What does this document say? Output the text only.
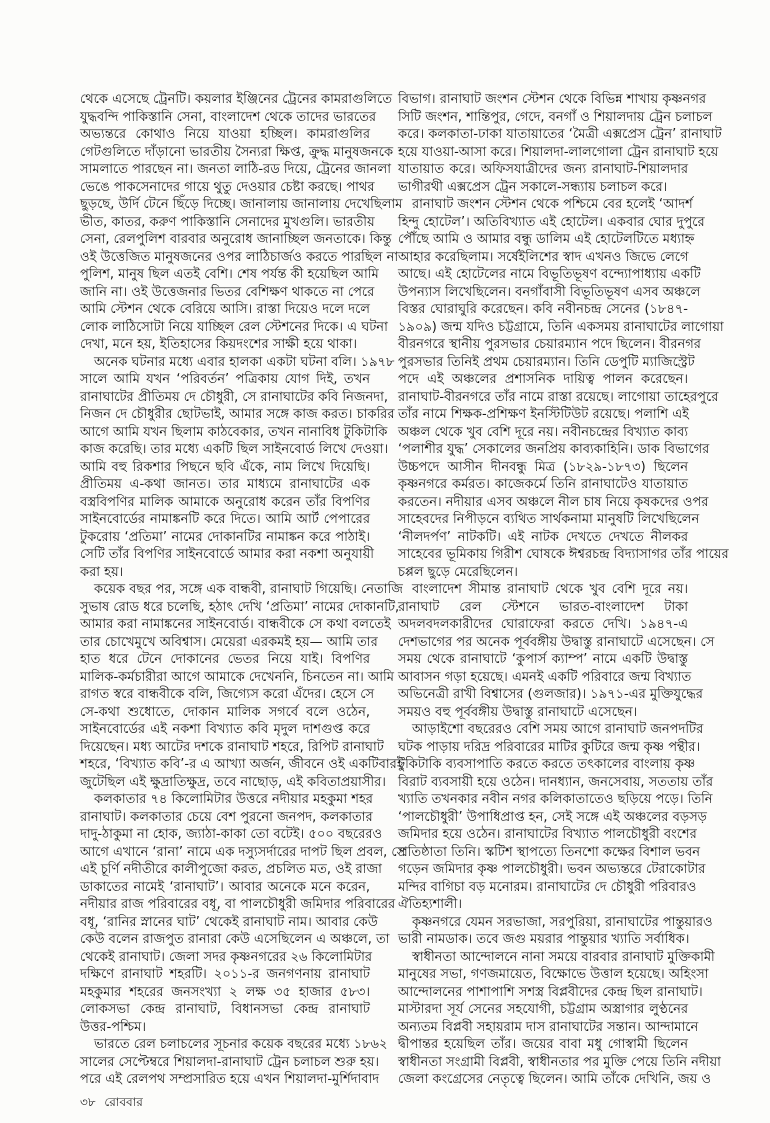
থেকে এসেছে ট্রেনটি। কয়লার ইঞ্জিনের ট্রেনের কামরাগুলিতে
যুদ্ধবন্দি পাকিস্তানি সেনা, বাংলাদেশ থেকে তাদের ভারতের
অভ্যন্তরে কোথাও নিয়ে যাওয়া হচ্ছিল। কামরাগুলির
গেটগুলিতে দাঁড়ানো ভারতীয় সৈন্যরা ক্ষিপ্ত, ক্রুদ্ধ মানুষজনকে
সামলাতে পারছেন না। জনতা লাঠি-রড দিয়ে, ট্রেনের জানলা
ভেঙে পাকসেনাদের গায়ে থুতু দেওয়ার চেষ্টা করছে। পাথর
ছুড়ছে, উর্দি টেনে ছিঁড়ে দিচ্ছে। জানালায় জানালায় দেখেছিলাম
ভীত, কাতর, করুণ পাকিস্তানি সেনাদের মুখগুলি। ভারতীয়
সেনা, রেলপুলিশ বারবার অনুরোধ জানাচ্ছিল জনতাকে। কিন্তু
ওই উত্তেজিত মানুষজনের ওপর লাঠিচার্জও করতে পারছিল না
পুলিশ, মানুষ ছিল এতই বেশি। শেষ পর্যন্ত কী হয়েছিল আমি
জানি না। ওই উত্তেজনার ভিতর বেশিক্ষণ থাকতে না পেরে
আমি স্টেশন থেকে বেরিয়ে আসি। রাস্তা দিয়েও দলে দলে
লোক লাঠিসোটা নিয়ে যাচ্ছিল রেল স্টেশনের দিকে। এ ঘটনা
দেখা, মনে হয়, ইতিহাসের কিয়দংশের সাক্ষী হয়ে থাকা।
অনেক ঘটনার মধ্যে এবার হালকা একটা ঘটনা বলি। ১৯৭৮
সালে আমি যখন ‘পরিবর্তন’ পত্রিকায় যোগ দিই, তখন
রানাঘাটের প্রীতিময় দে চৌধুরী, সে রানাঘাটের কবি নিজনদা,
নিজন দে চৌধুরীর ছোটভাই, আমার সঙ্গে কাজ করত। চাকরির
আগে আমি যখন ছিলাম কাঠবেকার, তখন নানাবিধ টুকিটাকি
কাজ করেছি। তার মধ্যে একটি ছিল সাইনবোর্ড লিখে দেওয়া।
আমি বহু রিকশার পিছনে ছবি এঁকে, নাম লিখে দিয়েছি।
প্রীতিময় এ-কথা জানত। তার মাধ্যমে রানাঘাটের এক
বস্ত্রবিপণির মালিক আমাকে অনুরোধ করেন তাঁর বিপণির
সাইনবোর্ডের নামাঙ্কনটি করে দিতে। আমি আর্ট পেপারের
টুকরোয় ‘প্রতিমা’ নামের দোকানটির নামাঙ্কন করে পাঠাই।
সেটি তাঁর বিপণির সাইনবোর্ডে আমার করা নকশা অনুযায়ী
করা হয়।
কয়েক বছর পর, সঙ্গে এক বান্ধবী, রানাঘাট গিয়েছি। নেতাজি
সুভাষ রোড ধরে চলেছি, হঠাৎ দেখি ‘প্রতিমা’ নামের দোকানটি,
আমার করা নামাঙ্কনের সাইনবোর্ড। বান্ধবীকে সে কথা বলতেই
তার চোখেমুখে অবিশ্বাস। মেয়েরা এরকমই হয়— আমি তার
হাত ধরে টেনে দোকানের ভেতর নিয়ে যাই। বিপণির
মালিক-কর্মচারীরা আগে আমাকে দেখেননি, চিনতেন না। আমি
রাগত স্বরে বান্ধবীকে বলি, জিগ্যেস করো এঁদের। হেসে সে
সে-কথা শুধোতে, দোকান মালিক সগর্বে বলে ওঠেন,
সাইনবোর্ডের এই নকশা বিখ্যাত কবি মৃদুল দাশগুপ্ত করে
দিয়েছেন। মধ্য আটের দশকে রানাঘাট শহরে, রিপিট রানাঘাট
শহরে, ‘বিখ্যাত কবি’-র এ আখ্যা অর্জন, জীবনে ওই একটিবারই
জুটেছিল এই ক্ষুদ্রাতিক্ষুদ্র, তবে নাছোড়, এই কবিতাপ্রয়াসীর।
কলকাতার ৭৪ কিলোমিটার উত্তরে নদীয়ার মহকুমা শহর
রানাঘাট। কলকাতার চেয়ে বেশ পুরনো জনপদ, কলকাতার
দাদু-ঠাকুমা না হোক, জ্যাঠা-কাকা তো বটেই। ৫০০ বছরেরও
আগে এখানে ‘রানা’ নামে এক দস্যুসর্দারের দাপট ছিল প্রবল, সে
এই চূর্ণি নদীতীরে কালীপুজো করত, প্রচলিত মত, ওই রাজা
ডাকাতের নামেই ‘রানাঘাট’। আবার অনেকে মনে করেন,
নদীয়ার রাজ পরিবারের বধূ, বা পালচৌধুরী জমিদার পরিবারের
বধূ, ‘রানির স্নানের ঘাট’ থেকেই রানাঘাট নাম। আবার কেউ
কেউ বলেন রাজপুত রানারা কেউ এসেছিলেন এ অঞ্চলে, তা
থেকেই রানাঘাট। জেলা সদর কৃষ্ণনগরের ২৬ কিলোমিটার
দক্ষিণে রানাঘাট শহরটি। ২০১১-র জনগণনায় রানাঘাট
মহকুমার শহরের জনসংখ্যা ২ লক্ষ ৩৫ হাজার ৫৮৩।
লোকসভা কেন্দ্র রানাঘাট, বিধানসভা কেন্দ্র রানাঘাট
উত্তর-পশ্চিম।
ভারতে রেল চলাচলের সূচনার কয়েক বছরের মধ্যে ১৮৬২
সালের সেপ্টেম্বরে শিয়ালদা-রানাঘাট ট্রেন চলাচল শুরু হয়।
পরে এই রেলপথ সম্প্রসারিত হয়ে এখন শিয়ালদা-মুর্শিদাবাদ
বিভাগ। রানাঘাট জংশন স্টেশন থেকে বিভিন্ন শাখায় কৃষ্ণনগর
সিটি জংশন, শান্তিপুর, গেদে, বনগাঁ ও শিয়ালদায় ট্রেন চলাচল
করে। কলকাতা-ঢাকা যাতায়াতের ‘মৈত্রী এক্সপ্রেস ট্রেন’ রানাঘাট
হয়ে যাওয়া-আসা করে। শিয়ালদা-লালগোলা ট্রেন রানাঘাট হয়ে
যাতায়াত করে। অফিসযাত্রীদের জন্য রানাঘাট-শিয়ালদার
ভাগীরথী এক্সপ্রেস ট্রেন সকালে-সন্ধ্যায় চলাচল করে।
রানাঘাট জংশন স্টেশন থেকে পশ্চিমে বের হলেই ‘আদর্শ
হিন্দু হোটেল’। অতিবিখ্যাত এই হোটেল। একবার ঘোর দুপুরে
পৌঁছে আমি ও আমার বন্ধু ডালিম এই হোটেলটিতে মধ্যাহ্ন
আহার করেছিলাম। সর্ষেইলিশের স্বাদ এখনও জিভে লেগে
আছে। এই হোটেলের নামে বিভূতিভূষণ বন্দ্যোপাধ্যায় একটি
উপন্যাস লিখেছিলেন। বনগাঁবাসী বিভূতিভূষণ এসব অঞ্চলে
বিস্তর ঘোরাঘুরি করেছেন। কবি নবীনচন্দ্র সেনের (১৮৪৭-
১৯০৯) জন্ম যদিও চট্টগ্রামে, তিনি একসময় রানাঘাটের লাগোয়া
বীরনগরে স্থানীয় পুরসভার চেয়ারম্যান পদে ছিলেন। বীরনগর
পুরসভার তিনিই প্রথম চেয়ারম্যান। তিনি ডেপুটি ম্যাজিস্ট্রেট
পদে এই অঞ্চলের প্রশাসনিক দায়িত্ব পালন করেছেন।
রানাঘাট-বীরনগরে তাঁর নামে রাস্তা রয়েছে। লাগোয়া তাহেরপুরে
তাঁর নামে শিক্ষক-প্রশিক্ষণ ইনস্টিটিউট রয়েছে। পলাশি এই
অঞ্চল থেকে খুব বেশি দূরে নয়। নবীনচন্দ্রের বিখ্যাত কাব্য
‘পলাশীর যুদ্ধ’ সেকালের জনপ্রিয় কাব্যকাহিনি। ডাক বিভাগের
উচ্চপদে আসীন দীনবন্ধু মিত্র (১৮২৯-১৮৭৩) ছিলেন
কৃষ্ণনগরে কর্মরত। কাজেকর্মে তিনি রানাঘাটেও যাতায়াত
করতেন। নদীয়ার এসব অঞ্চলে নীল চাষ নিয়ে কৃষকদের ওপর
সাহেবদের নিপীড়নে ব্যথিত সার্থকনামা মানুষটি লিখেছিলেন
‘নীলদর্পণ’ নাটকটি। এই নাটক দেখতে দেখতে নীলকর
সাহেবের ভূমিকায় গিরীশ ঘোষকে ঈশ্বরচন্দ্র বিদ্যাসাগর তাঁর পায়ের
চপ্পল ছুড়ে মেরেছিলেন।
বাংলাদেশ সীমান্ত রানাঘাট থেকে খুব বেশি দূরে নয়।
রানাঘাট রেল স্টেশনে ভারত-বাংলাদেশ টাকা
অদলবদলকারীদের ঘোরাফেরা করতে দেখি। ১৯৪৭-এ
দেশভাগের পর অনেক পূর্ববঙ্গীয় উদ্বাস্তু রানাঘাটে এসেছেন। সে
সময় থেকে রানাঘাটে ‘কুপার্স ক্যাম্প’ নামে একটি উদ্বাস্তু
আবাসন গড়া হয়েছে। এমনই একটি পরিবারে জন্ম বিখ্যাত
অভিনেত্রী রাখী বিশ্বাসের (গুলজার)। ১৯৭১-এর মুক্তিযুদ্ধের
সময়ও বহু পূর্ববঙ্গীয় উদ্বাস্তু রানাঘাটে এসেছেন।
আড়াইশো বছরেরও বেশি সময় আগে রানাঘাট জনপদটির
ঘটক পাড়ায় দরিদ্র পরিবারের মাটির কুটিরে জন্ম কৃষ্ণ পন্থীর।
টুকিটাকি ব্যবসাপাতি করতে করতে তৎকালের বাংলায় কৃষ্ণ
বিরাট ব্যবসায়ী হয়ে ওঠেন। দানধ্যান, জনসেবায়, সততায় তাঁর
খ্যাতি তখনকার নবীন নগর কলিকাতাতেও ছড়িয়ে পড়ে। তিনি
‘পালচৌধুরী’ উপাধিপ্রাপ্ত হন, সেই সঙ্গে এই অঞ্চলের বড়সড়
জমিদার হয়ে ওঠেন। রানাঘাটের বিখ্যাত পালচৌধুরী বংশের
প্রতিষ্ঠাতা তিনি। স্কটিশ স্থাপত্যে তিনশো কক্ষের বিশাল ভবন
গড়েন জমিদার কৃষ্ণ পালচৌধুরী। ভবন অভ্যন্তরে টেরাকোটার
মন্দির বাগিচা বড় মনোরম। রানাঘাটের দে চৌধুরী পরিবারও
ঐতিহ্যশালী।
কৃষ্ণনগরে যেমন সরভাজা, সরপুরিয়া, রানাঘাটের পান্তুয়ারও
ভারী নামডাক। তবে জগু ময়রার পান্তুয়ার খ্যাতি সর্বাধিক।
স্বাধীনতা আন্দোলনে নানা সময়ে বারবার রানাঘাট মুক্তিকামী
মানুষের সভা, গণজমায়েত, বিক্ষোভে উত্তাল হয়েছে। অহিংসা
আন্দোলনের পাশাপাশি সশস্ত্র বিপ্লবীদের কেন্দ্র ছিল রানাঘাট।
মাস্টারদা সূর্য সেনের সহযোগী, চট্টগ্রাম অস্ত্রাগার লুণ্ঠনের
অন্যতম বিপ্লবী সহায়রাম দাস রানাঘাটের সন্তান। আন্দামানে
দ্বীপান্তর হয়েছিল তাঁর। জয়ের বাবা মধু গোস্বামী ছিলেন
স্বাধীনতা সংগ্রামী বিপ্লবী, স্বাধীনতার পর মুক্তি পেয়ে তিনি নদীয়া
জেলা কংগ্রেসের নেতৃত্বে ছিলেন। আমি তাঁকে দেখিনি, জয় ও
৩৮ রোববার
